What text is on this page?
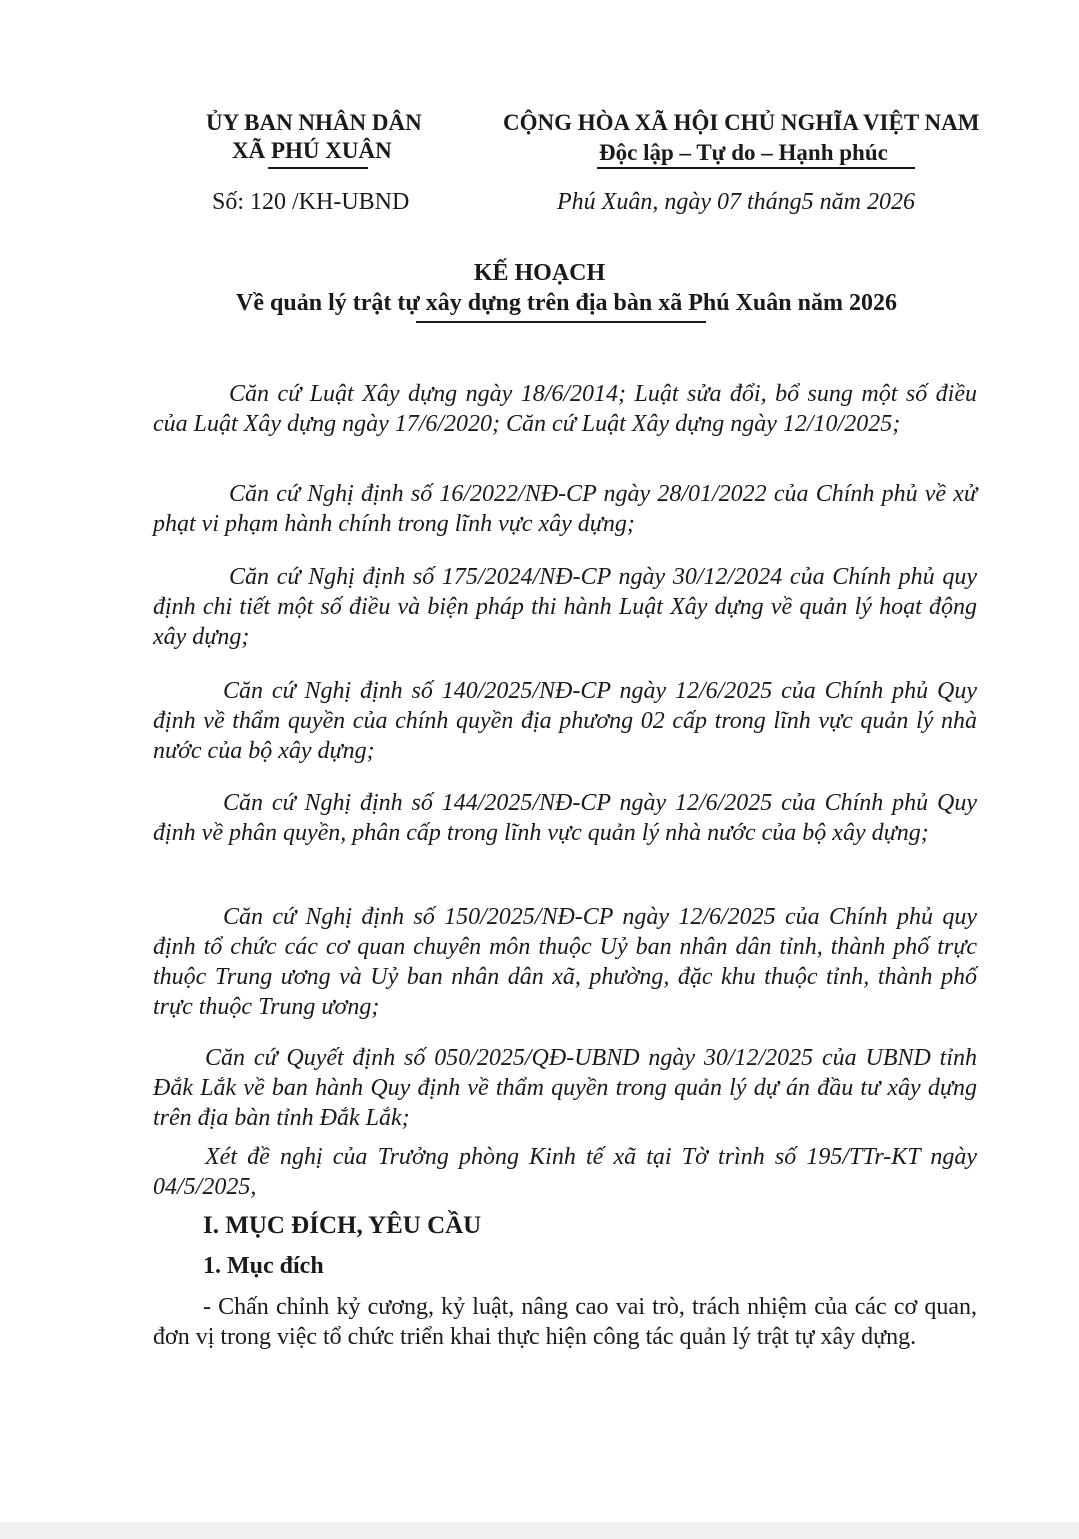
ỦY BAN NHÂN DÂN
XÃ PHÚ XUÂN
CỘNG HÒA XÃ HỘI CHỦ NGHĨA VIỆT NAM
Độc lập – Tự do – Hạnh phúc
Số: 120 /KH-UBND	Phú Xuân, ngày 07 tháng5 năm 2026
KẾ HOẠCH
Về quản lý trật tự xây dựng trên địa bàn xã Phú Xuân năm 2026
Căn cứ Luật Xây dựng ngày 18/6/2014; Luật sửa đổi, bổ sung một số điều của Luật Xây dựng ngày 17/6/2020; Căn cứ Luật Xây dựng ngày 12/10/2025;
Căn cứ Nghị định số 16/2022/NĐ-CP ngày 28/01/2022 của Chính phủ về xử phạt vi phạm hành chính trong lĩnh vực xây dựng;
Căn cứ Nghị định số 175/2024/NĐ-CP ngày 30/12/2024 của Chính phủ quy định chi tiết một số điều và biện pháp thi hành Luật Xây dựng về quản lý hoạt động xây dựng;
Căn cứ Nghị định số 140/2025/NĐ-CP ngày 12/6/2025 của Chính phủ Quy định về thẩm quyền của chính quyền địa phương 02 cấp trong lĩnh vực quản lý nhà nước của bộ xây dựng;
Căn cứ Nghị định số 144/2025/NĐ-CP ngày 12/6/2025 của Chính phủ Quy định về phân quyền, phân cấp trong lĩnh vực quản lý nhà nước của bộ xây dựng;
Căn cứ Nghị định số 150/2025/NĐ-CP ngày 12/6/2025 của Chính phủ quy định tổ chức các cơ quan chuyên môn thuộc Uỷ ban nhân dân tỉnh, thành phố trực thuộc Trung ương và Uỷ ban nhân dân xã, phường, đặc khu thuộc tỉnh, thành phố trực thuộc Trung ương;
Căn cứ Quyết định số 050/2025/QĐ-UBND ngày 30/12/2025 của UBND tỉnh Đắk Lắk về ban hành Quy định về thẩm quyền trong quản lý dự án đầu tư xây dựng trên địa bàn tỉnh Đắk Lắk;
Xét đề nghị của Trưởng phòng Kinh tế xã tại Tờ trình số 195/TTr-KT ngày 04/5/2025,
I. MỤC ĐÍCH, YÊU CẦU
1. Mục đích
- Chấn chỉnh kỷ cương, kỷ luật, nâng cao vai trò, trách nhiệm của các cơ quan, đơn vị trong việc tổ chức triển khai thực hiện công tác quản lý trật tự xây dựng.
